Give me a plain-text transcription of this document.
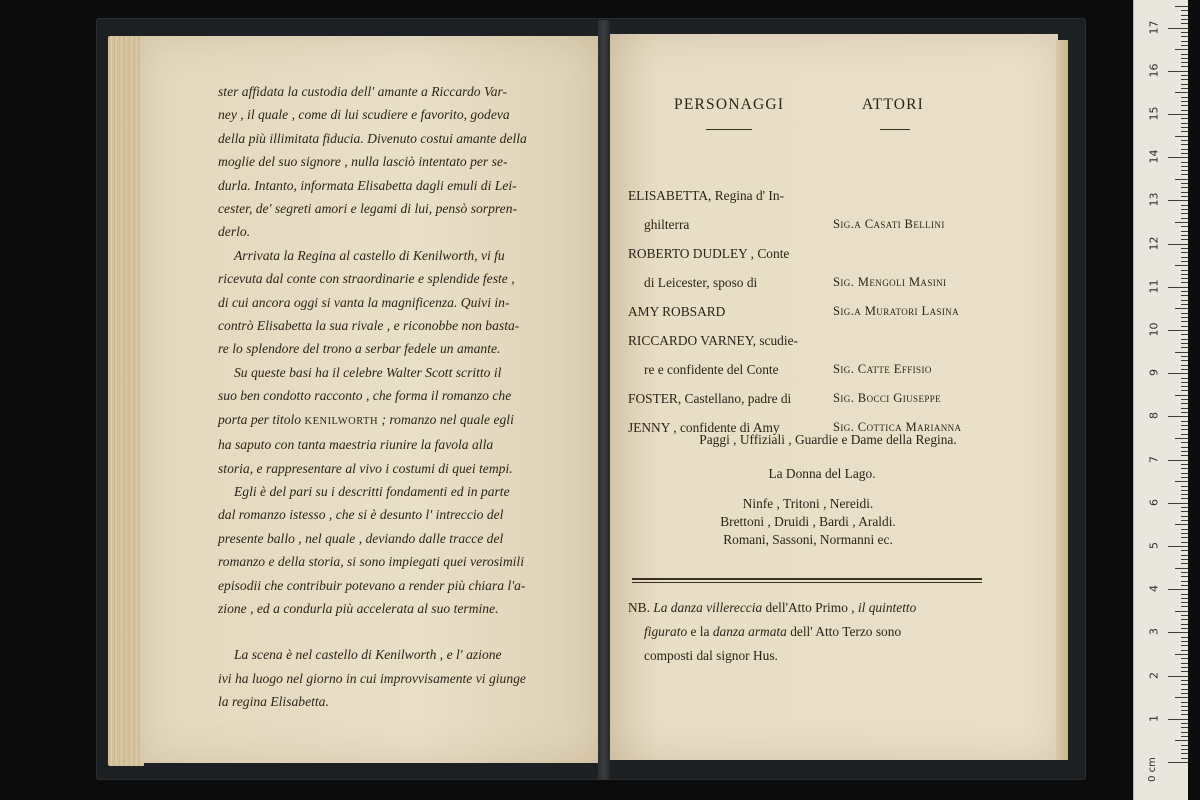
ster affidata la custodia dell' amante a Riccardo Var-
ney , il quale , come di lui scudiere e favorito, godeva
della più illimitata fiducia. Divenuto costui amante della
moglie del suo signore , nulla lasciò intentato per se-
durla. Intanto, informata Elisabetta dagli emuli di Lei-
cester, de' segreti amori e legami di lui, pensò sorpren-
derlo.
Arrivata la Regina al castello di Kenilworth, vi fu
ricevuta dal conte con straordinarie e splendide feste ,
di cui ancora oggi si vanta la magnificenza. Quivi in-
contrò Elisabetta la sua rivale , e riconobbe non basta-
re lo splendore del trono a serbar fedele un amante.
Su queste basi ha il celebre Walter Scott scritto il
suo ben condotto racconto , che forma il romanzo che
porta per titolo KENILWORTH ; romanzo nel quale egli
ha saputo con tanta maestria riunire la favola alla
storia, e rappresentare al vivo i costumi di quei tempi.
Egli è del pari su i descritti fondamenti ed in parte
dal romanzo istesso , che si è desunto l' intreccio del
presente ballo , nel quale , deviando dalle tracce del
romanzo e della storia, si sono impiegati quei verosimili
episodii che contribuir potevano a render più chiara l'a-
zione , ed a condurla più accelerata al suo termine.
La scena è nel castello di Kenilworth , e l' azione
ivi ha luogo nel giorno in cui improvvisamente vi giunge
la regina Elisabetta.

PERSONAGGI	ATTORI
ELISABETTA, Regina d' In-
ghilterra	Sig.a Casati Bellini
ROBERTO DUDLEY , Conte
di Leicester, sposo di	Sig. Mengoli Masini
AMY ROBSARD	Sig.a Muratori Lasina
RICCARDO VARNEY, scudie-
re e confidente del Conte	Sig. Catte Effisio
FOSTER, Castellano, padre di	Sig. Bocci Giuseppe
JENNY , confidente di Amy	Sig. Cottica Marianna
Paggi , Uffiziali , Guardie e Dame della Regina.
La Donna del Lago.
Ninfe , Tritoni , Nereidi.
Brettoni , Druidi , Bardi , Araldi.
Romani, Sassoni, Normanni ec.
NB. La danza villereccia dell'Atto Primo , il quintetto
figurato e la danza armata dell' Atto Terzo sono
composti dal signor Hus.
0 cm
1
2
3
4
5
6
7
8
9
10
11
12
13
14
15
16
17
